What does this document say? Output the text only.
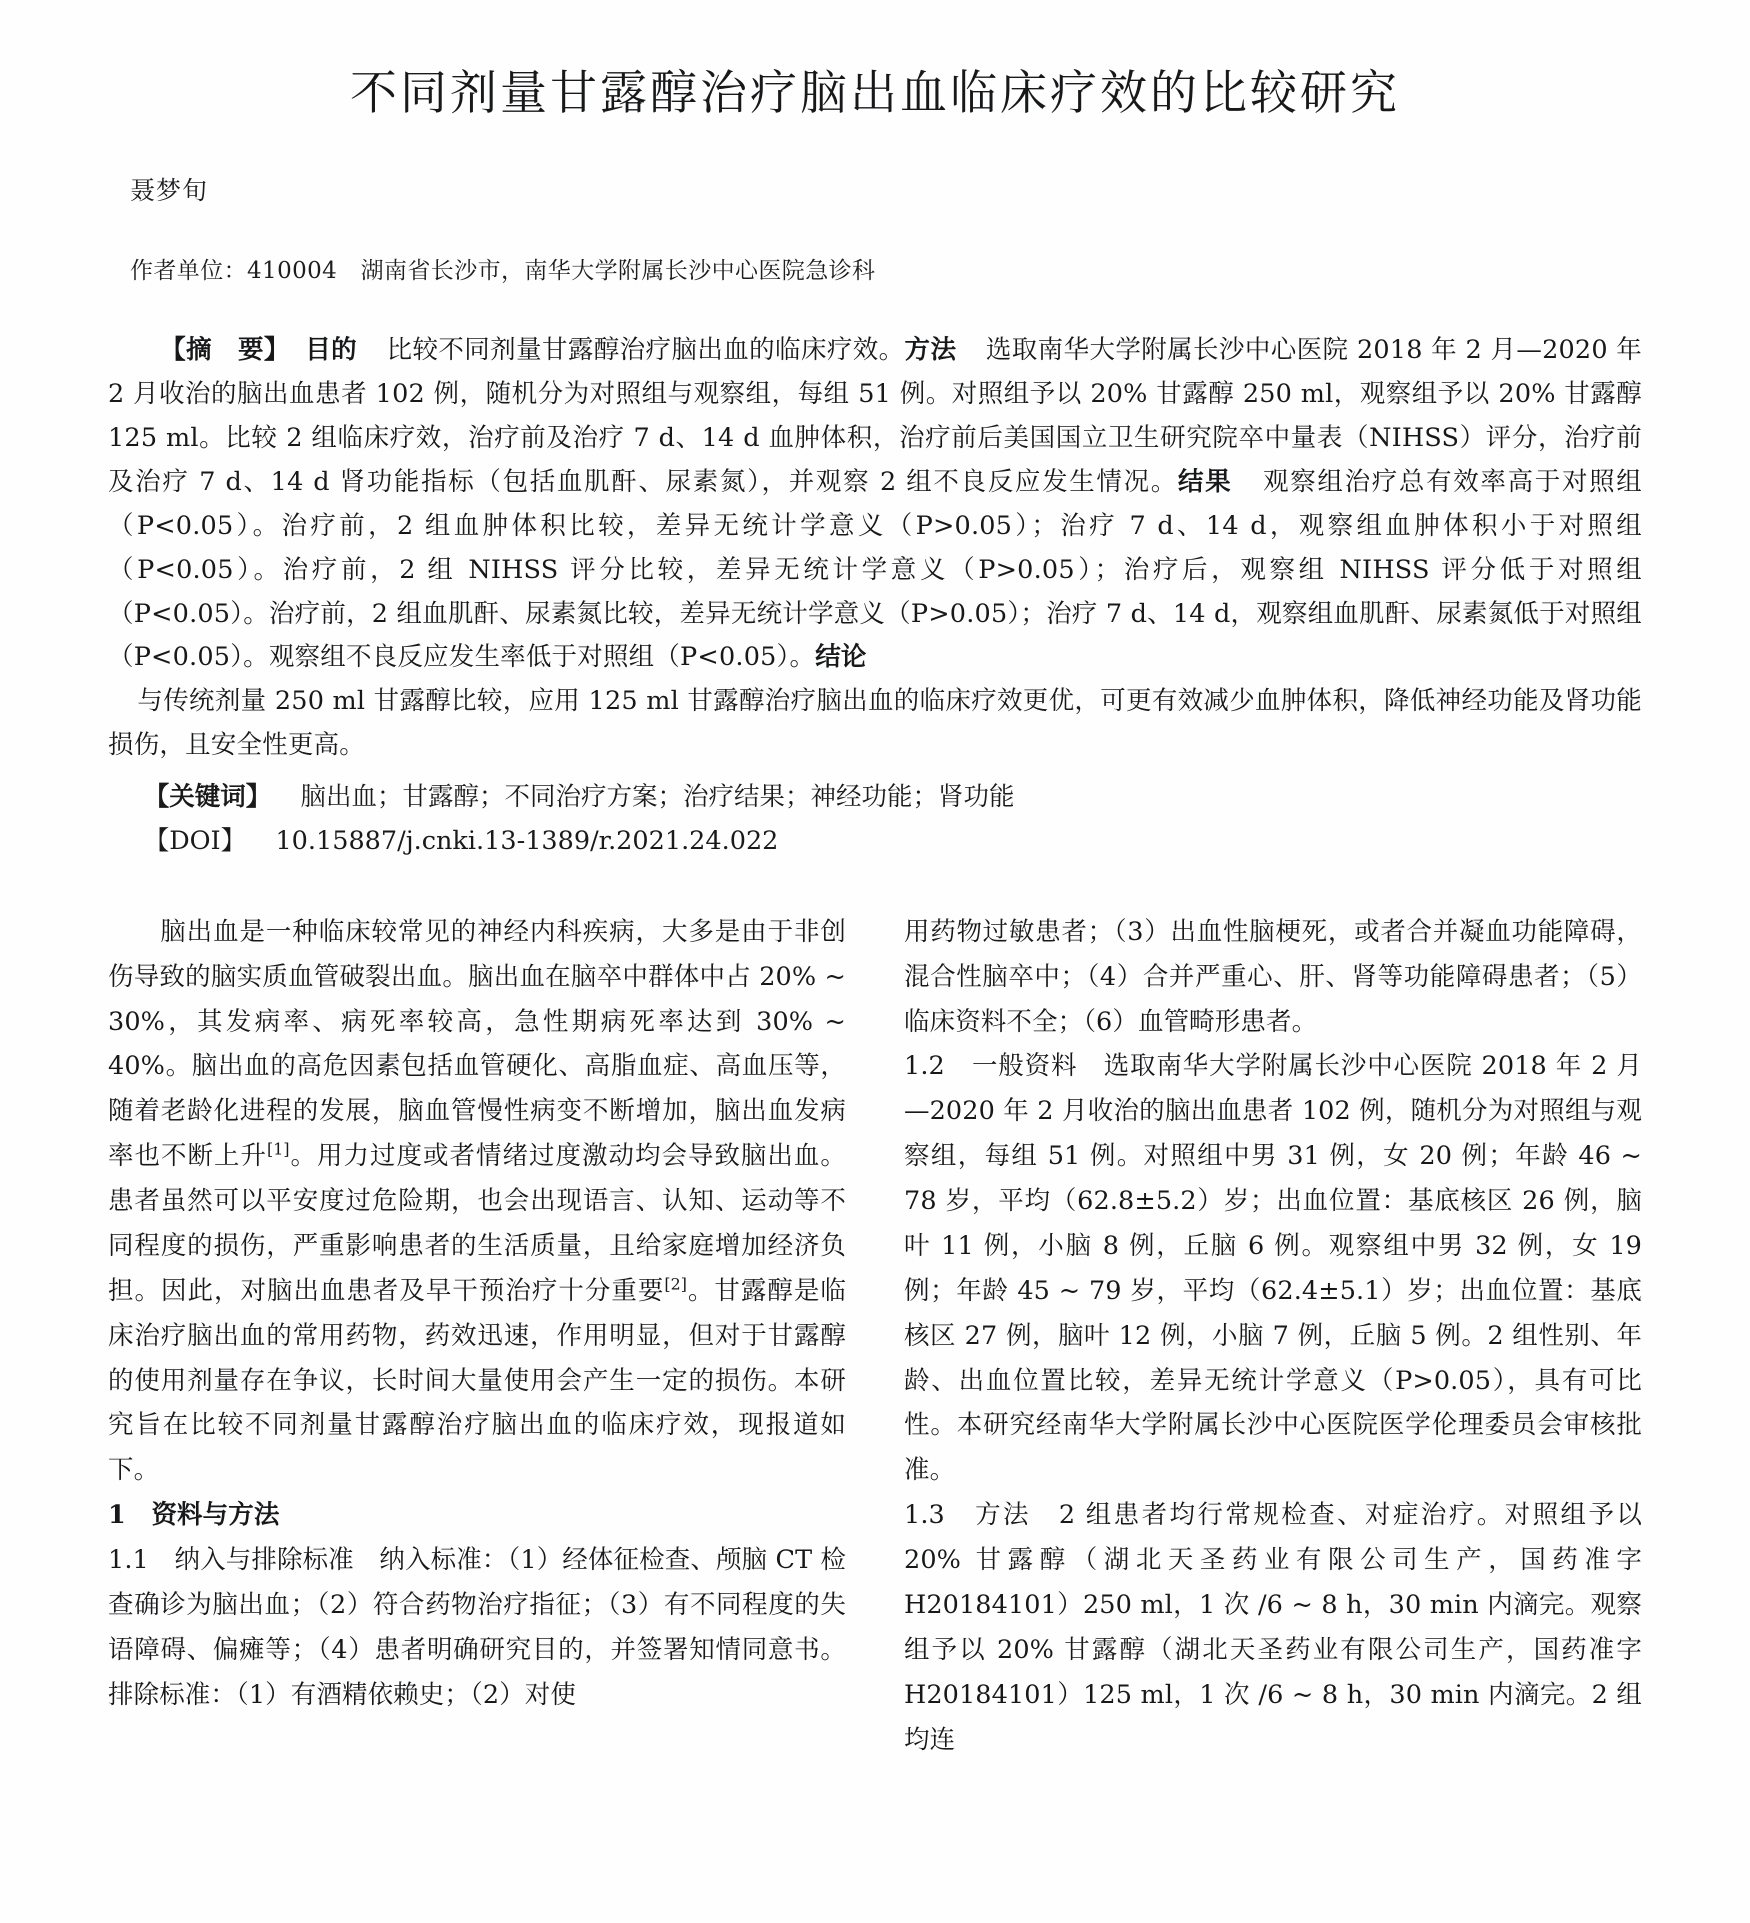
不同剂量甘露醇治疗脑出血临床疗效的比较研究
聂梦旬
作者单位：410004　湖南省长沙市，南华大学附属长沙中心医院急诊科

【摘　要】 目的 比较不同剂量甘露醇治疗脑出血的临床疗效。方法 选取南华大学附属长沙中心医院 2018 年 2 月—2020 年 2 月收治的脑出血患者 102 例，随机分为对照组与观察组，每组 51 例。对照组予以 20% 甘露醇 250 ml，观察组予以 20% 甘露醇 125 ml。比较 2 组临床疗效，治疗前及治疗 7 d、14 d 血肿体积，治疗前后美国国立卫生研究院卒中量表（NIHSS）评分，治疗前及治疗 7 d、14 d 肾功能指标（包括血肌酐、尿素氮），并观察 2 组不良反应发生情况。结果 观察组治疗总有效率高于对照组（P<0.05）。治疗前，2 组血肿体积比较，差异无统计学意义（P>0.05）；治疗 7 d、14 d，观察组血肿体积小于对照组（P<0.05）。治疗前，2 组 NIHSS 评分比较，差异无统计学意义（P>0.05）；治疗后，观察组 NIHSS 评分低于对照组（P<0.05）。治疗前，2 组血肌酐、尿素氮比较，差异无统计学意义（P>0.05）；治疗 7 d、14 d，观察组血肌酐、尿素氮低于对照组（P<0.05）。观察组不良反应发生率低于对照组（P<0.05）。结论

与传统剂量 250 ml 甘露醇比较，应用 125 ml 甘露醇治疗脑出血的临床疗效更优，可更有效减少血肿体积，降低神经功能及肾功能损伤，且安全性更高。

【关键词】 脑出血；甘露醇；不同治疗方案；治疗结果；神经功能；肾功能
【DOI】 10.15887/j.cnki.13-1389/r.2021.24.022

脑出血是一种临床较常见的神经内科疾病，大多是由于非创伤导致的脑实质血管破裂出血。脑出血在脑卒中群体中占 20% ~ 30%，其发病率、病死率较高，急性期病死率达到 30% ~ 40%。脑出血的高危因素包括血管硬化、高脂血症、高血压等，随着老龄化进程的发展，脑血管慢性病变不断增加，脑出血发病率也不断上升[1]。用力过度或者情绪过度激动均会导致脑出血。患者虽然可以平安度过危险期，也会出现语言、认知、运动等不同程度的损伤，严重影响患者的生活质量，且给家庭增加经济负担。因此，对脑出血患者及早干预治疗十分重要[2]。甘露醇是临床治疗脑出血的常用药物，药效迅速，作用明显，但对于甘露醇的使用剂量存在争议，长时间大量使用会产生一定的损伤。本研究旨在比较不同剂量甘露醇治疗脑出血的临床疗效，现报道如下。

1　资料与方法

1.1　纳入与排除标准　纳入标准：（1）经体征检查、颅脑 CT 检查确诊为脑出血；（2）符合药物治疗指征；（3）有不同程度的失语障碍、偏瘫等；（4）患者明确研究目的，并签署知情同意书。排除标准：（1）有酒精依赖史；（2）对使

用药物过敏患者；（3）出血性脑梗死，或者合并凝血功能障碍，混合性脑卒中；（4）合并严重心、肝、肾等功能障碍患者；（5）临床资料不全；（6）血管畸形患者。

1.2　一般资料　选取南华大学附属长沙中心医院 2018 年 2 月—2020 年 2 月收治的脑出血患者 102 例，随机分为对照组与观察组，每组 51 例。对照组中男 31 例，女 20 例；年龄 46 ~ 78 岁，平均（62.8±5.2）岁；出血位置：基底核区 26 例，脑叶 11 例，小脑 8 例，丘脑 6 例。观察组中男 32 例，女 19 例；年龄 45 ~ 79 岁，平均（62.4±5.1）岁；出血位置：基底核区 27 例，脑叶 12 例，小脑 7 例，丘脑 5 例。2 组性别、年龄、出血位置比较，差异无统计学意义（P>0.05），具有可比性。本研究经南华大学附属长沙中心医院医学伦理委员会审核批准。

1.3　方法　2 组患者均行常规检查、对症治疗。对照组予以 20% 甘露醇（湖北天圣药业有限公司生产，国药准字 H20184101）250 ml，1 次 /6 ~ 8 h，30 min 内滴完。观察组予以 20% 甘露醇（湖北天圣药业有限公司生产，国药准字 H20184101）125 ml，1 次 /6 ~ 8 h，30 min 内滴完。2 组均连
